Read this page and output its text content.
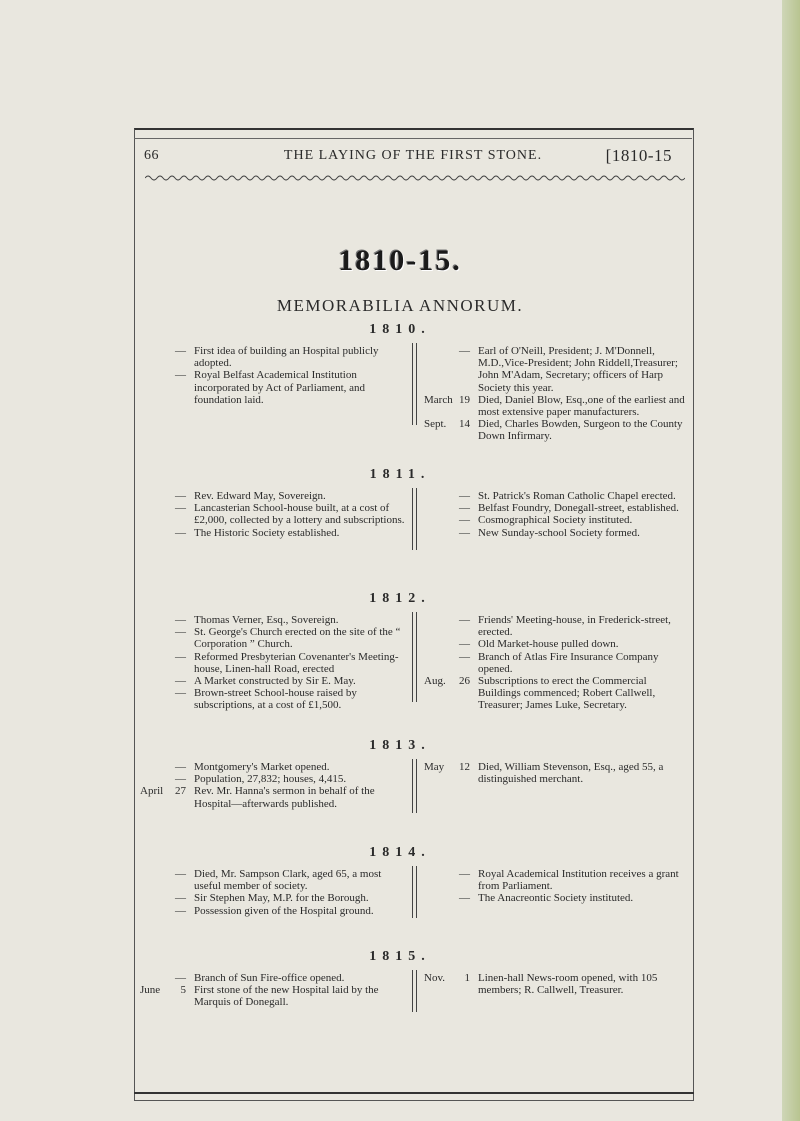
66	THE LAYING OF THE FIRST STONE.	[1810-15
1810-15.
MEMORABILIA ANNORUM.
1810.
— First idea of building an Hospital publicly adopted.
— Royal Belfast Academical Institution incorporated by Act of Parliament, and foundation laid.
— Earl of O'Neill, President; J. M'Donnell, M.D.,Vice-President; John Riddell,Treasurer; John M'Adam, Secretary; officers of Harp Society this year.
March 19 Died, Daniel Blow, Esq.,one of the earliest and most extensive paper manufacturers.
Sept.	14 Died, Charles Bowden, Surgeon to the County Down Infirmary.
1811.
— Rev. Edward May, Sovereign.
— Lancasterian School-house built, at a cost of £2,000, collected by a lottery and subscriptions.
— The Historic Society established.
— St. Patrick's Roman Catholic Chapel erected.
— Belfast Foundry, Donegall-street, established.
— Cosmographical Society instituted.
— New Sunday-school Society formed.
1812.
— Thomas Verner, Esq., Sovereign.
— St. George's Church erected on the site of the “ Corporation ” Church.
— Reformed Presbyterian Covenanter's Meeting-house, Linen-hall Road, erected
— A Market constructed by Sir E. May.
— Brown-street School-house raised by subscriptions, at a cost of £1,500.
— Friends' Meeting-house, in Frederick-street, erected.
— Old Market-house pulled down.
— Branch of Atlas Fire Insurance Company opened.
Aug.	26 Subscriptions to erect the Commercial Buildings commenced; Robert Callwell, Treasurer; James Luke, Secretary.
1813.
— Montgomery's Market opened.
— Population, 27,832; houses, 4,415.
April	27 Rev. Mr. Hanna's sermon in behalf of the Hospital—afterwards published.
May	12 Died, William Stevenson, Esq., aged 55, a distinguished merchant.
1814.
— Died, Mr. Sampson Clark, aged 65, a most useful member of society.
— Sir Stephen May, M.P. for the Borough.
— Possession given of the Hospital ground.
— Royal Academical Institution receives a grant from Parliament.
— The Anacreontic Society instituted.
1815.
— Branch of Sun Fire-office opened.
June	5 First stone of the new Hospital laid by the Marquis of Donegall.
Nov.	1 Linen-hall News-room opened, with 105 members; R. Callwell, Treasurer.
